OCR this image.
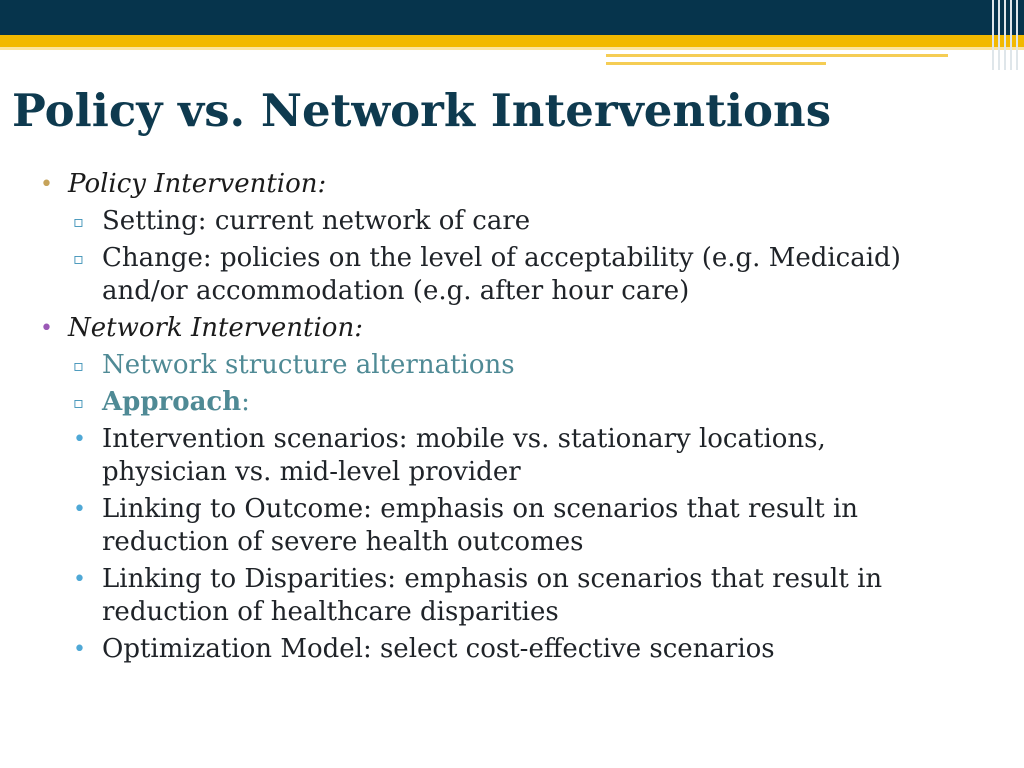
Policy vs. Network Interventions
• Policy Intervention:
▫ Setting: current network of care
▫ Change: policies on the level of acceptability (e.g. Medicaid)
and/or accommodation (e.g. after hour care)
• Network Intervention:
▫ Network structure alternations
▫ Approach:
• Intervention scenarios: mobile vs. stationary locations,
physician vs. mid-level provider
• Linking to Outcome: emphasis on scenarios that result in
reduction of severe health outcomes
• Linking to Disparities: emphasis on scenarios that result in
reduction of healthcare disparities
• Optimization Model: select cost-effective scenarios
